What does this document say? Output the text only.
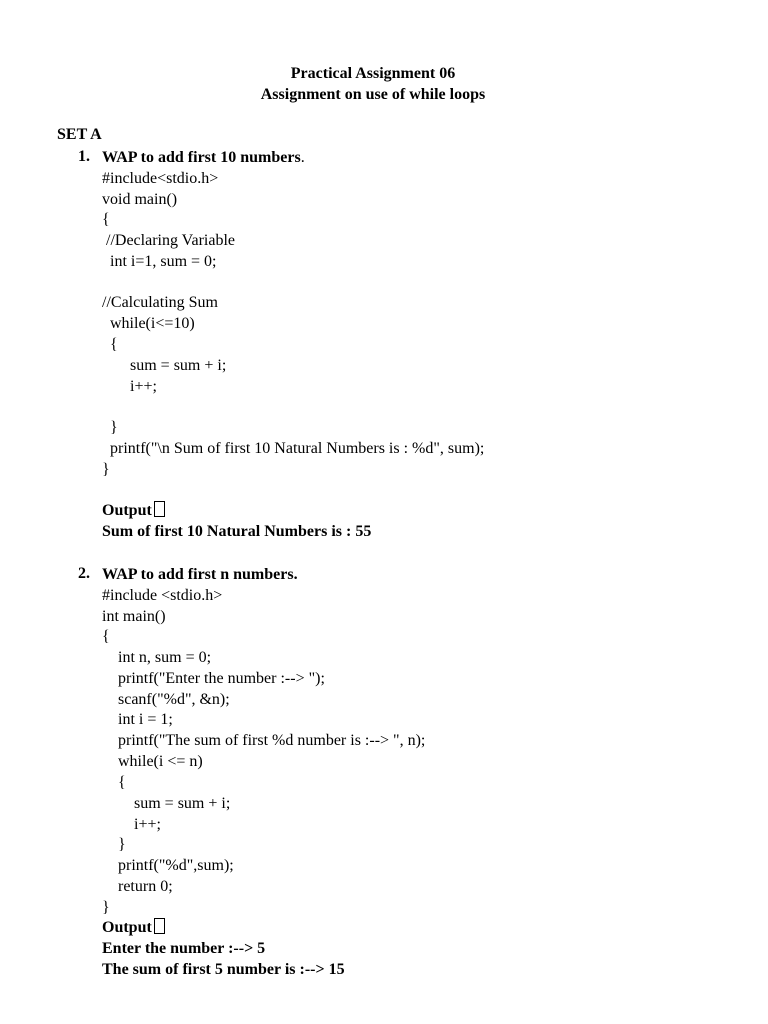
Practical Assignment 06
Assignment on use of while loops
SET A
1. WAP to add first 10 numbers.
#include<stdio.h>
void main()
{
//Declaring Variable
int i=1, sum = 0;
//Calculating Sum
while(i<=10)
{
sum = sum + i;
i++;
}
printf("\n Sum of first 10 Natural Numbers is : %d", sum);
}
Output
Sum of first 10 Natural Numbers is : 55
2. WAP to add first n numbers.
#include <stdio.h>
int main()
{
int n, sum = 0;
printf("Enter the number :--> ");
scanf("%d", &n);
int i = 1;
printf("The sum of first %d number is :--> ", n);
while(i <= n)
{
sum = sum + i;
i++;
}
printf("%d",sum);
return 0;
}
Output
Enter the number :--> 5
The sum of first 5 number is :--> 15
